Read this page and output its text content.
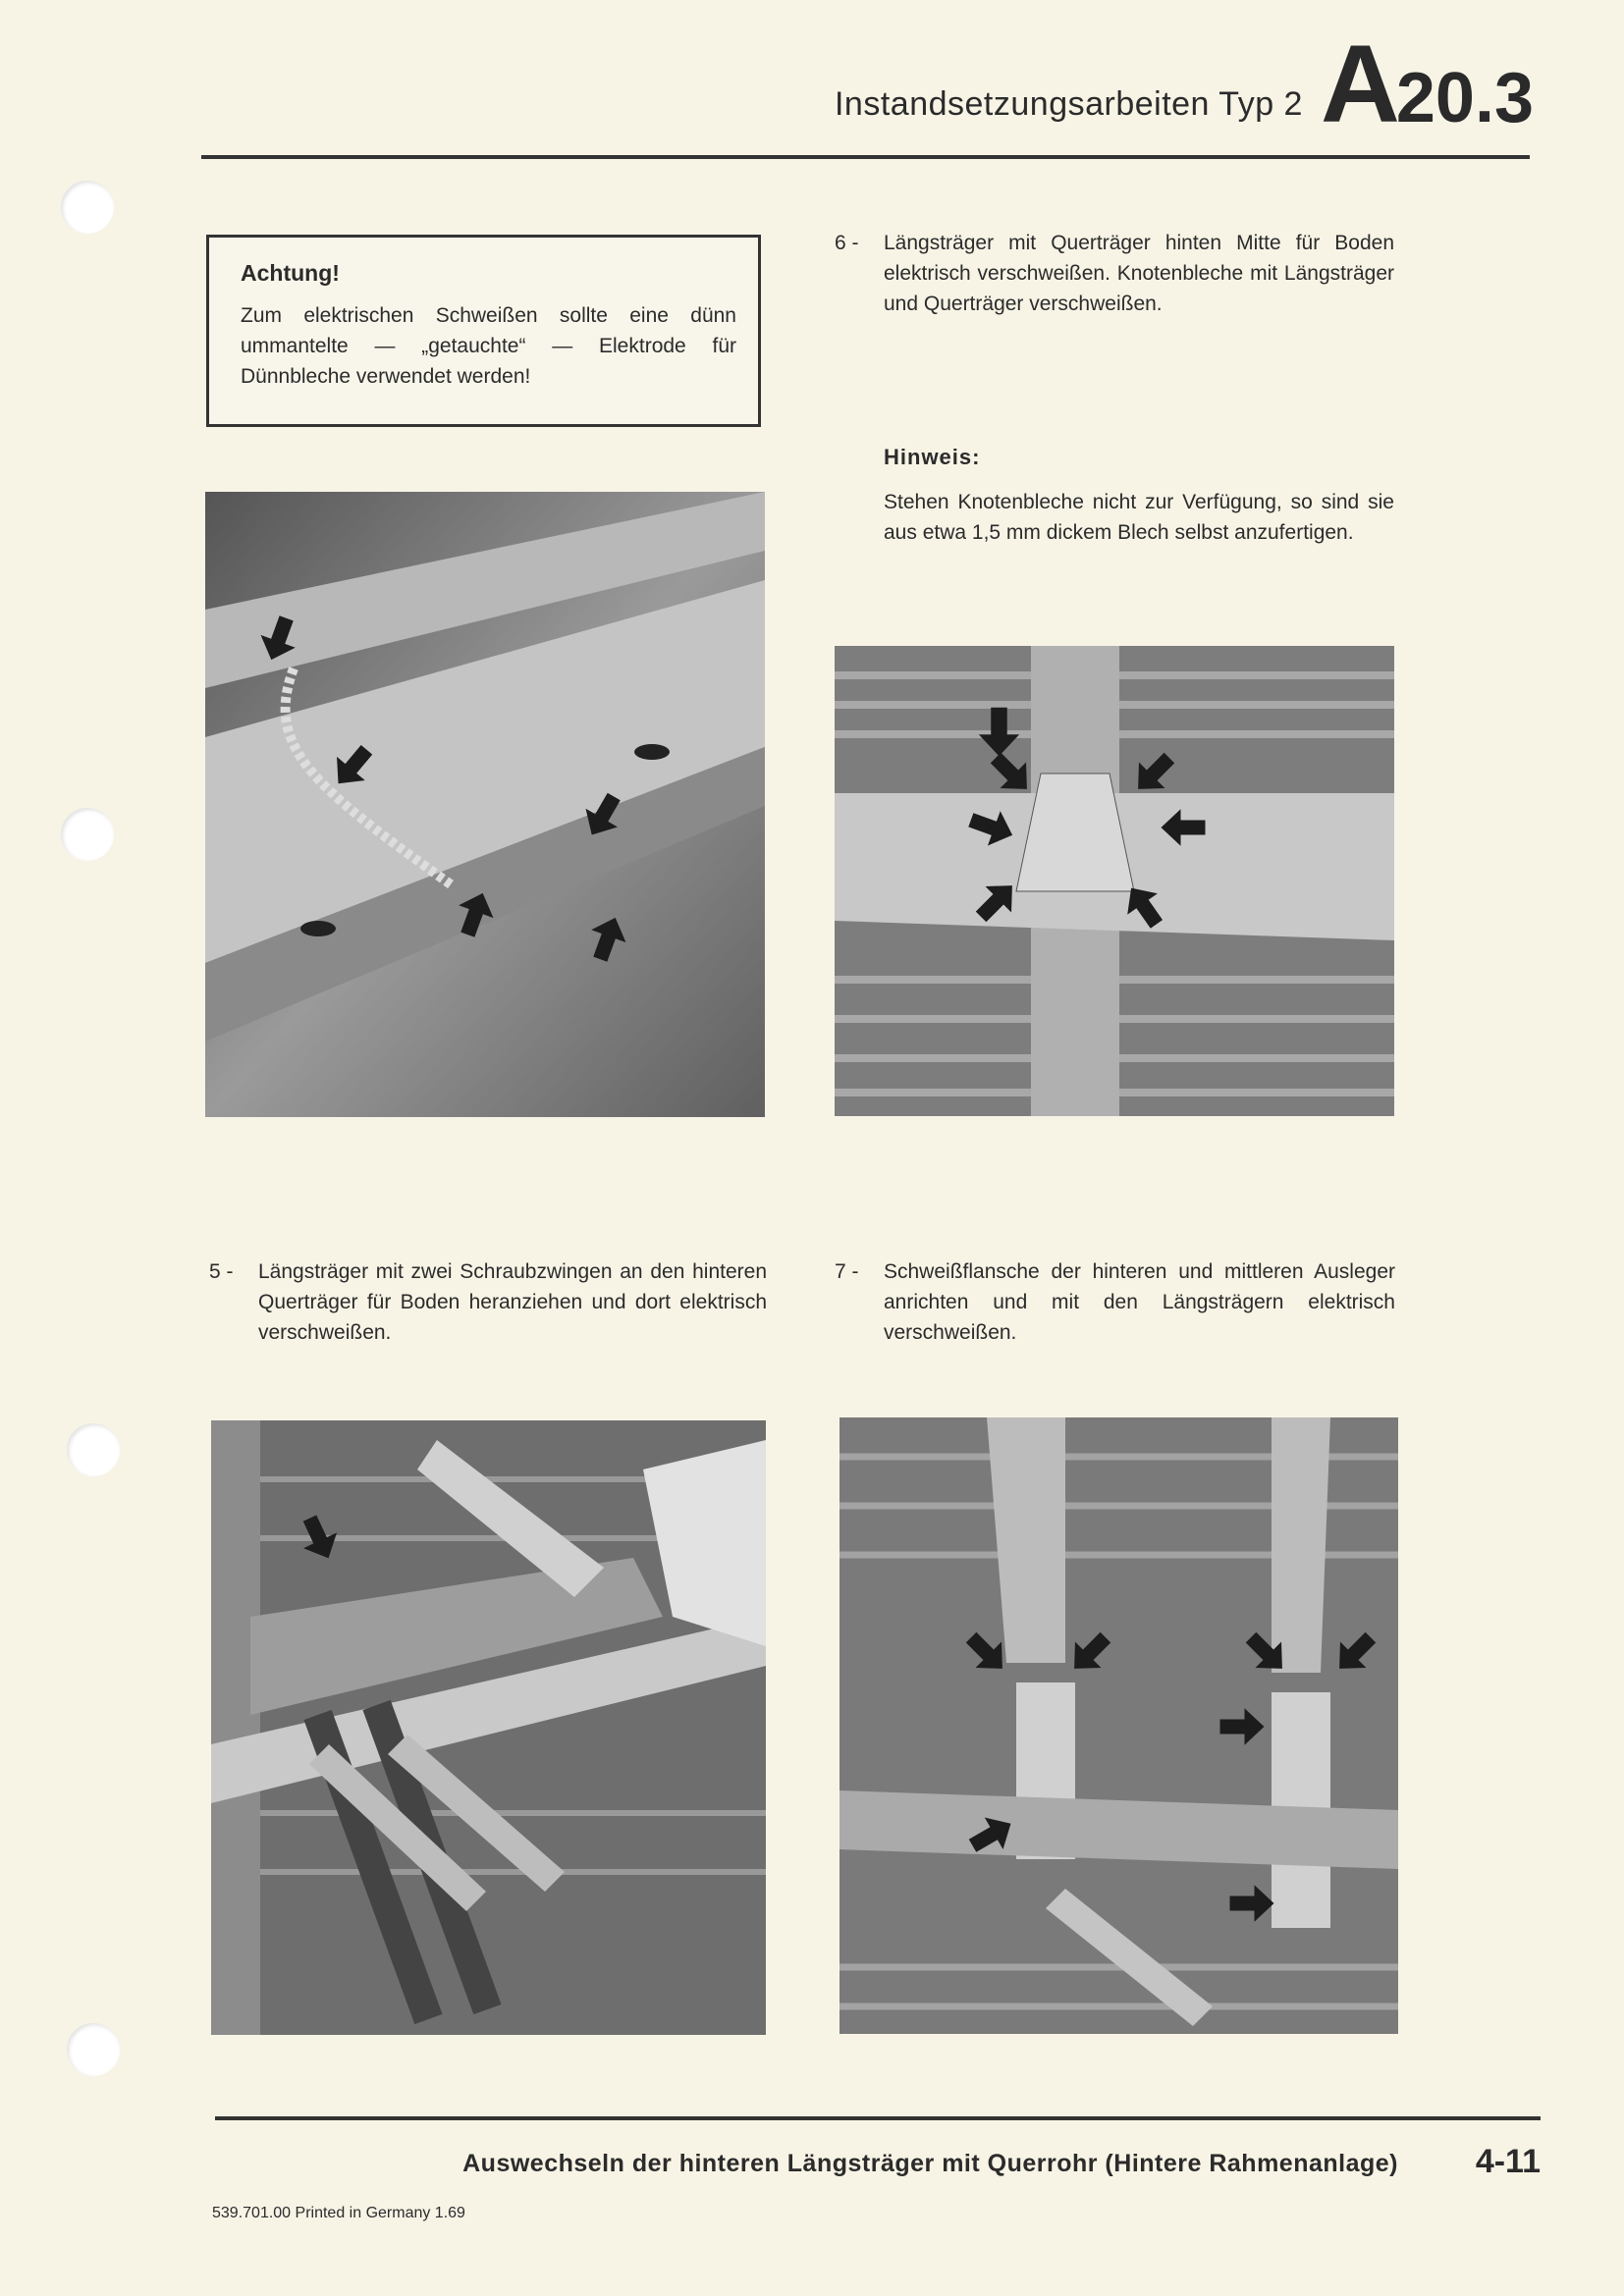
Instandsetzungsarbeiten Typ 2 A20.3
Achtung!

Zum elektrischen Schweißen sollte eine dünn ummantelte — „getauchte“ — Elektrode für Dünnbleche verwendet werden!

6 -	Längsträger mit Querträger hinten Mitte für Boden elektrisch verschweißen. Knotenbleche mit Längsträger und Querträger verschweißen.
Hinweis:
Stehen Knotenbleche nicht zur Verfügung, so sind sie aus etwa 1,5 mm dickem Blech selbst anzufertigen.
5 -	Längsträger mit zwei Schraubzwingen an den hinteren Querträger für Boden heranziehen und dort elektrisch verschweißen.
7 -	Schweißflansche der hinteren und mittleren Ausleger anrichten und mit den Längsträgern elektrisch verschweißen.
Auswechseln der hinteren Längsträger mit Querrohr (Hintere Rahmenanlage) 4-11
539.701.00 Printed in Germany 1.69
